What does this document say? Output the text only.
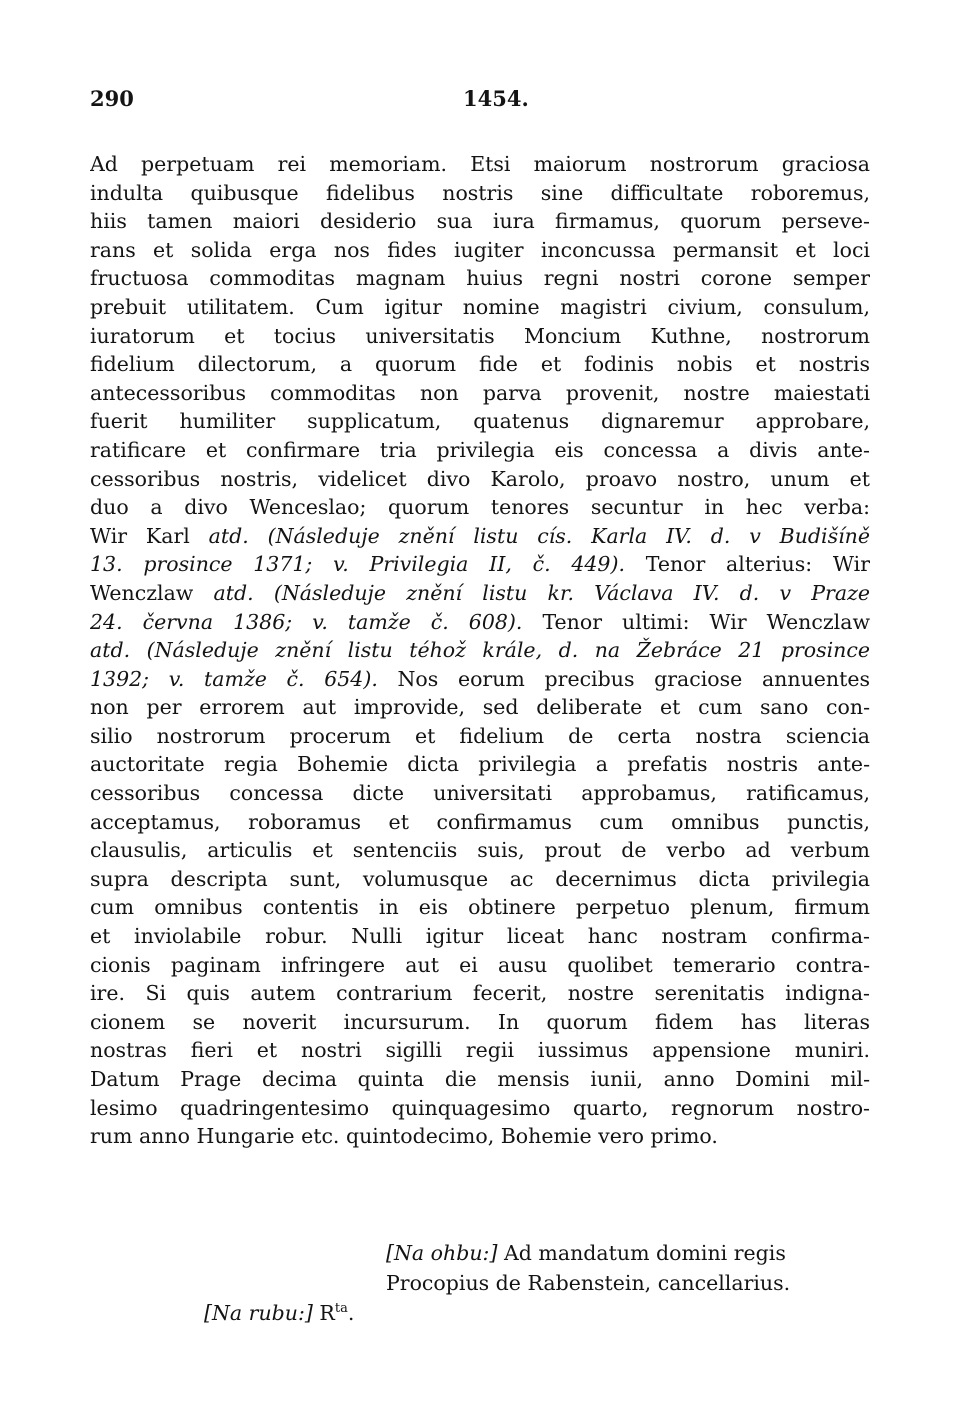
290	1454.
Ad perpetuam rei memoriam. Etsi maiorum nostrorum graciosa
indulta quibusque fidelibus nostris sine difficultate roboremus,
hiis tamen maiori desiderio sua iura firmamus, quorum perseve-
rans et solida erga nos fides iugiter inconcussa permansit et loci
fructuosa commoditas magnam huius regni nostri corone semper
prebuit utilitatem. Cum igitur nomine magistri civium, consulum,
iuratorum et tocius universitatis Moncium Kuthne, nostrorum
fidelium dilectorum, a quorum fide et fodinis nobis et nostris
antecessoribus commoditas non parva provenit, nostre maiestati
fuerit humiliter supplicatum, quatenus dignaremur approbare,
ratificare et confirmare tria privilegia eis concessa a divis ante-
cessoribus nostris, videlicet divo Karolo, proavo nostro, unum et
duo a divo Wenceslao; quorum tenores secuntur in hec verba:
Wir Karl atd. (Následuje znění listu cís. Karla IV. d. v Budišíně
13. prosince 1371; v. Privilegia II, č. 449). Tenor alterius: Wir
Wenczlaw atd. (Následuje znění listu kr. Václava IV. d. v Praze
24. června 1386; v. tamže č. 608). Tenor ultimi: Wir Wenczlaw
atd. (Následuje znění listu téhož krále, d. na Žebráce 21 prosince
1392; v. tamže č. 654). Nos eorum precibus graciose annuentes
non per errorem aut improvide, sed deliberate et cum sano con-
silio nostrorum procerum et fidelium de certa nostra sciencia
auctoritate regia Bohemie dicta privilegia a prefatis nostris ante-
cessoribus concessa dicte universitati approbamus, ratificamus,
acceptamus, roboramus et confirmamus cum omnibus punctis,
clausulis, articulis et sentenciis suis, prout de verbo ad verbum
supra descripta sunt, volumusque ac decernimus dicta privilegia
cum omnibus contentis in eis obtinere perpetuo plenum, firmum
et inviolabile robur. Nulli igitur liceat hanc nostram confirma-
cionis paginam infringere aut ei ausu quolibet temerario contra-
ire. Si quis autem contrarium fecerit, nostre serenitatis indigna-
cionem se noverit incursurum. In quorum fidem has literas
nostras fieri et nostri sigilli regii iussimus appensione muniri.
Datum Prage decima quinta die mensis iunii, anno Domini mil-
lesimo quadringentesimo quinquagesimo quarto, regnorum nostro-
rum anno Hungarie etc. quintodecimo, Bohemie vero primo.
[Na ohbu:] Ad mandatum domini regis
Procopius de Rabenstein, cancellarius.
[Na rubu:] $R^{ta}$.
